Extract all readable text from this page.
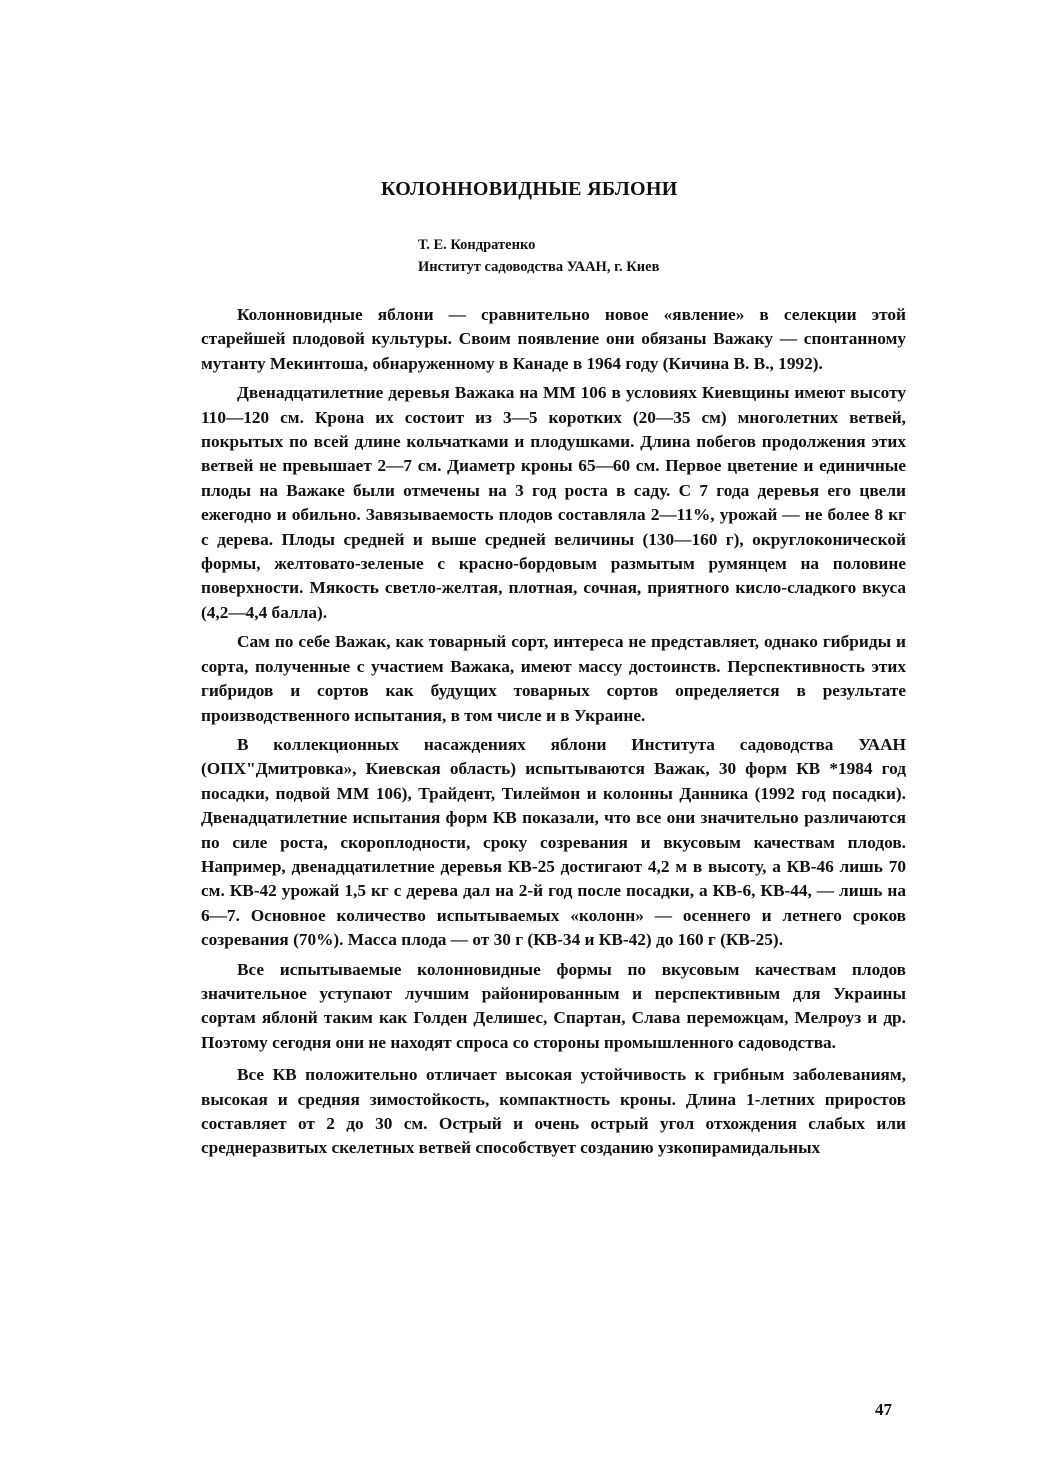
КОЛОННОВИДНЫЕ ЯБЛОНИ
Т. Е. Кондратенко
Институт садоводства УААН, г. Киев

Колонновидные яблони — сравнительно новое «явление» в селекции этой старейшей плодовой культуры. Своим появление они обязаны Важаку — спонтанному мутанту Мекинтоша, обнаруженному в Канаде в 1964 году (Кичина В. В., 1992).

Двенадцатилетние деревья Важака на ММ 106 в условиях Киевщины имеют высоту 110—120 см. Крона их состоит из 3—5 коротких (20—35 см) многолетних ветвей, покрытых по всей длине кольчатками и плодушками. Длина побегов продолжения этих ветвей не превышает 2—7 см. Диаметр кроны 65—60 см. Первое цветение и единичные плоды на Важаке были отмечены на 3 год роста в саду. С 7 года деревья его цвели ежегодно и обильно. Завязываемость плодов составляла 2—11%, урожай — не более 8 кг с дерева. Плоды средней и выше средней величины (130—160 г), округлоконической формы, желтовато-зеленые с красно-бордовым размытым румянцем на половине поверхности. Мякость светло-желтая, плотная, сочная, приятного кисло-сладкого вкуса (4,2—4,4 балла).

Сам по себе Важак, как товарный сорт, интереса не представляет, однако гибриды и сорта, полученные с участием Важака, имеют массу достоинств. Перспективность этих гибридов и сортов как будущих товарных сортов определяется в результате производственного испытания, в том числе и в Украине.

В коллекционных насаждениях яблони Института садоводства УААН (ОПХ"Дмитровка», Киевская область) испытываются Важак, 30 форм КВ *1984 год посадки, подвой ММ 106), Трайдент, Тилеймон и колонны Данника (1992 год посадки). Двенадцатилетние испытания форм КВ показали, что все они значительно различаются по силе роста, скороплодности, сроку созревания и вкусовым качествам плодов. Например, двенадцатилетние деревья КВ-25 достигают 4,2 м в высоту, а КВ-46 лишь 70 см. КВ-42 урожай 1,5 кг с дерева дал на 2-й год после посадки, а КВ-6, КВ-44, — лишь на 6—7. Основное количество испытываемых «колонн» — осеннего и летнего сроков созревания (70%). Масса плода — от 30 г (КВ-34 и КВ-42) до 160 г (КВ-25).

Все испытываемые колонновидные формы по вкусовым качествам плодов значительное уступают лучшим районированным и перспективным для Украины сортам яблонй таким как Голден Делишес, Спартан, Слава переможцам, Мелроуз и др. Поэтому сегодня они не находят спроса со стороны промышленного садоводства.

Все КВ положительно отличает высокая устойчивость к грибным заболеваниям, высокая и средняя зимостойкость, компактность кроны. Длина 1-летних приростов составляет от 2 до 30 см. Острый и очень острый угол отхождения слабых или среднеразвитых скелетных ветвей способствует созданию узкопирамидальных

47
